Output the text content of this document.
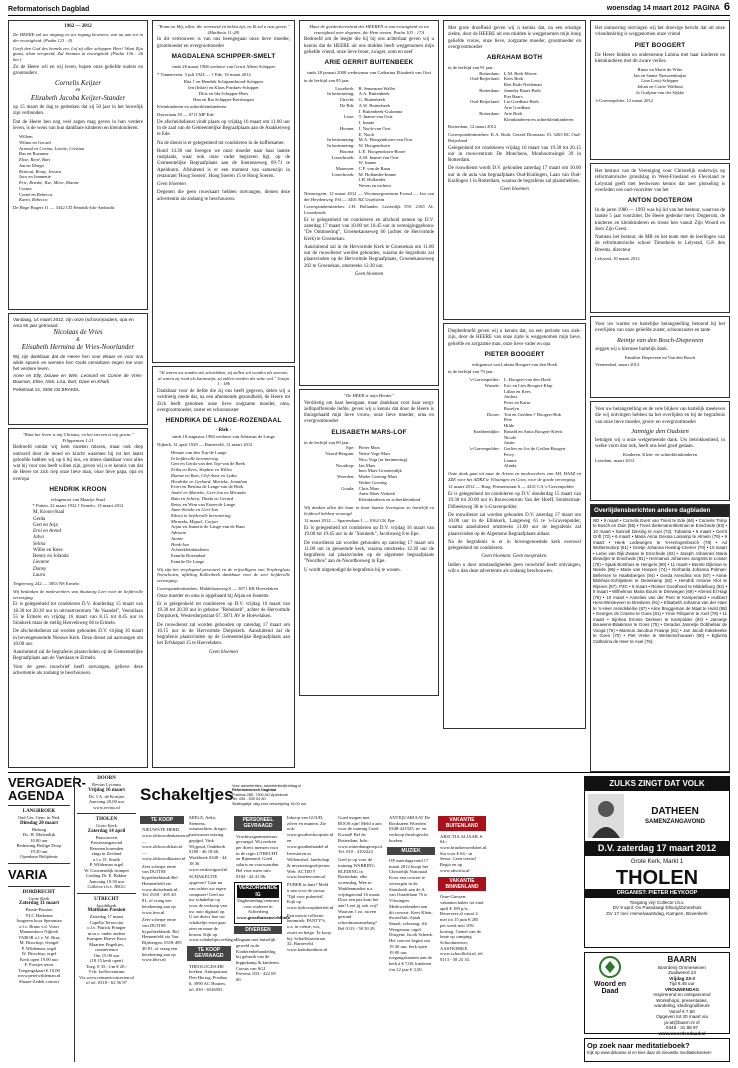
Reformatorisch Dagblad	woensdag 14 maart 2012 PAGINA 6
1962 — 2012
De HEERE zal uw uitgang en uw ingang bewaren, van nu aan tot in der eeuwigheid. (Psalm 121 : 8)
Geeft den God des hemels eer, Lof zij aller scheppen Heer! Want Zijn gunst, alom verspreid, Zal bestaan in eeuwigheid. (Psalm 136 : 26 ber.)
Zo de Heere wil en wij leven, hopen onze geliefde ouders en grootouders
Cornelis Keijzer
en
Elizabeth Jacoba Keijzer-Stander
op 15 maart de dag te gedenken dat zij 50 jaar in het huwelijk zijn verbonden.
Dat de Heere hen nog veel zegen mag geven in hun verdere leven, is de wens van hun dankbare kinderen en kleinkinderen.
Willem
Wilma en Gerard
Arnoud en Corina, Lisette, Cristian
Bas en Rozanne
Elise, René, Bart
Jan en Marga
Reinout, Romy, Jessica
Jaco en Jeannette
Eric, Renske, Ilse, Mirte, Rianne
Corina
Corné en Rebecca
Karin, Rebecca
De Hoge Bogert 11 — 3342 CD Hendrik-Ido-Ambacht
Vandaag, 14 maart 2012, zijn onze (schoon)ouders, opa en oma 50 jaar getrouwd.
Nicolaas de Vries
&
Elisabeth Hermina de Vries-Noorlander
Wij zijn dankbaar dat de Heere hen voor elkaar en voor ons wilde sparen en wensen hen Gods onmisbare zegen toe voor het verdere leven.
Anne en Elly, Douwe en Wim, Leonard en Corine de Vries-Bouman, Eline, Nick, Lisa, Bart, Dave en Khadi
Pelsstraat 14, 3306 CB BRAKEL
"Want het leven is mij Christus, en het sterven is mij gewin." Filippensen 1:21
Bedroefd omdat wij hem moeten missen, maar ook diep ontroerd door de moed en kracht waarmee hij tot het laatst geloofde hebben wij op 6 bij ons, en intens dankbaar voor alles wat hij voor ons heeft willen zijn, geven wij u er kennis van dat de Heere tot zich riep onze lieve man, onze lieve papa, opa en overopa
HENDRIK KROON
echtgenoot van Maartje Staal
* Putten, 22 maart 1922 † Ermelo, 13 maart 2012
M. Kroon-Staal
Gerda
Gert en Arja
Erni en Arend
Jalva
Selina
Willie en Kees
Benny en Jolanda
Lieanne
Danny
Laura
Teigterweg 242 — 3853 NS Ermelo
Wij bedanken de medewerkers van thuiszorg Leer voor de liefdevolle verzorging.
Er is gelegenheid tot condoleren D.V. donderdag 15 maart van 18.30 tot 20.30 uur in uitvaartcentrum "de Vaandel", Veerallaan 55 te Ermelo en vrijdag 16 maart van 8.15 tot 8.45 uur in Sionkerk maar de stellig Heuvelsweg 66 te Ermelo.
De afscheidsdienst zal worden gehouden D.V. vrijdag 16 maart in bovengenoemde Nieuwe Kerk. Deze dienst zal aanvangen om 10.00 uur.
Aansluitend zal de begrafenis plaatsvinden op de Gemeentelijke Begraafplaats aan de Vaenlaan te Ermelo.
Voor de geen rouwbrief heeft ontvangen, gelieve deze advertentie als zodanig te beschouwen.
"Komt tot Mij, allen, die vermoeid en belast zijt, en Ik zal u rust geven." (Mattheüs 11:28)
In dit vertrouwen is van ons heengegaan onze lieve moeder, grootmoeder en overgrootmoeder
MAGDALENA SCHIPPER-SMELT
sinds 28 maart 1966 weduwe van Gerrit Albert Schipper
* Vinnenveen, 3 juli 1924 — † Ede, 10 maart 2012
Rita † en Hendrik Schipaanbrood-Schipper
Ien (Inkie) en Klaas Prinkies-Schipper
Dick en Ida Schipper-Hees
Han en Ria Schipper-Kersbergen
Kleinkinderen en achterkleinkinderen
Dstreriaan 39 — 6711 MP Ede
De afscheidsdienst vindt plaats op vrijdag 16 maart om 11.00 uur in de zaal van de Gemeentelijke Begraafplaats aan de Asakkerweg te Ede.
Na de dienst is er gelegenheid tot condoleren in de koffiekamer.
Rond 14.30 uur brengen we onze moeder naar haar laatste rustplaats, waar ook onze vader begraven ligt, op de Gemeentelijke Begraafplaats aan de Soerenseweg 69-71 te Apeldoorn. Afsluitend is er een moment van samenzijn in restaurant 'Hoog Soeren', Hoog Soeren 15 te Hoog Soeren.
Geen bloemen
Degenen die geen rouwkaart hebben ontvangen, dienen deze advertentie als zodanig te beschouwen.
"Al waren uw zonden als scharlaken, zij zullen wit worden als sneeuw; al waren zij rood als karmozijn, zij zullen worden als witte wol." Jesaja 1 : 18b
Dankbaar voor de liefde die zij ons heeft gegeven, delen wij u verdrietig mede dat, na een afnemende gezondheid, de Heere tot Zich heeft genomen onze lieve zorgzame moeder, oma, overgrootmoeder, zuster en schoonzuster
HENDRIKA DE LANGE-ROZENDAAL
- Riek -
sinds 18 augustus 1984 weduwe van Adrianus de Lange
Nijkerk, 31 april 1929 — Barneveld, 12 maart 2012
Hennie van den Top-de Lange
In liefdevolle herinnering
Gert en Gerda van den Top-van de Beek
Erika en Kees, Stephen en Willeo
Rianne en Bart, Clef-Anne en Lydia
Hendrike en Gerhard, Marieke, Jonathan
Evert en Bertina de Lange-van de Beek
André en Marieke, Gert-Jan en Miranda
Bata en Schera, Thuda en Gerard
Betsy en Wim van Essen-de Lange
Anne-Sietske en Gert-Jan
Edwin in liefdevolle herinnering
Miranda, Miguel, Corjan
Arjan en Jeanette de Lange-van de Bunt
Adriaan
Jannie
Henk-Jan
Achterkleinkinderen
Familie Rozendaal
Familie De Lange
Wij zijn het verplegend personeel en de vrijwilligers van Verpleeghuis Norschoten, afdeling Kallenbeek dankbaar voor de zeer liefdevolle verzorging.
Correspondentieadres: Middelaarsweg 6 — 3871 KR Hoevelaken
Onze moeder en oma is opgebaard bij Arjan en Jeanette.
Er is gelegenheid tot condoleren op D.V. vrijdag 16 maart van 19.30 tot 20.30 uur in gebouw "Rehoboth", achter de Hervormde Dorpskerk, Westerdorpstraat 67, 3871 AV te Hoevelaken.
De rouwdienst zal worden gehouden op zaterdag 17 maart om 10.15 uur in de Hervormde Dorpskerk. Aansluitend zal de begrafenis plaatsvinden op de Gemeentelijke Begraafplaats aan het Erfskepad 15 te Hoevelaken.
Geen bloemen
Maar de goedertierenheid des HEEREN is van eeuwigheid en tot eeuwigheid over degenen, die Hem vrezen. Psalm 103 : 17A
Bedroefd om de leegte die hij bij ons achterlaat geven wij u kennis dat de HEERE uit ons midden heeft weggenomen mijn geliefde vriend, onze lieve broer, zwager, oom en neef
ARIE GERRIT BUITENBEEK
sinds 28 januari 2000 weduwnaar van Catharina Elizabeth van Oort
in de leeftijd van 85 jaar.
Lisselierk: R. Smurman-Wallet
In herinnering: A.A. Buitenbeek
Utrecht: G. Buitenbeek
De Bilt: A.W. Buitenbeek
J. Buitenbeek-Gulonma
Lisse: T. Iname-van Oort
J. Iname
Houten: J. Nooh-van Oort
E. Nooh
In herinnering: M.A. Hoogendoorn-van Oort
In herinnering: W. Hoogendoorn
Hoorna: L.E. Hoogendoorn-Boote
Lisserbroek: A.M. Iname-van Oort
W. Iname
Maarssen: C.F. van de Baan
Lisserbroek: M. Hollander-Iname
J.H. Hollander
Neven en nichten
Nieuwegein, 12 maart 2012 — Woonzorgcentrum Evoud — Jan van der Heydenweg 194 — 3401 RZ Usselstein
Correspondentieadres: J.H. Hollander, Lisserdijk 559, 2165 AL Lisserbroek
Er is gelegenheid tot condoleren en afscheid nemen op D.V. zaterdag 17 maart van 10.00 tot 10.45 uur in vereniginggebouw "De Ontmoeting", Groenekanseweg 66 (achter de Hervormde Kerk) te Groenekan.
Aansluitend zal in de Hervormde Kerk te Groenekan om 11.00 uur de rouwdienst worden gehouden, waarna de begrafenis zal plaatsvinden op de Hervormde Begraafplaats, Groenekanseweg 202 te Groenekan, omstreeks 12.30 uur.
Geen bloemen
"De HEER is mijn Herder"
Verdrietig om haar heengaan, maar dankbaar voor haar zorgv zelfopofferende liefde, geven wij u kennis dat door de Heere is thuisgehaald mijn lieve vrouw, onze lieve moeder, oma en overgrootmoeder
ELISABETH MARS-LOF
in de leeftijd van 80 jaar.
Epe: Pieter Mars
Noord-Bergum: Nettie Vogt-Mars
Nico Vogt (in herinnering)
Nootdorp: Jan Mars
Ineo Mars-Groenendijk
Woerden: Mieke Goeting-Mars
Walter Goeting
Gouda: Chris Mars
Anne Mars-Verkerk
Kleinkinderen en achterkleinkind
Wij danken allen die haar in haar laatste levensjaar zo hartelijk en liefdevol hebben verzorgd.
12 maart 2012 — Sparrenlaan 1 — 8162 CK Epe
Er is gelegenheid tot condoleren op D.V. vrijdag 16 maart van 19.00 tot 19.45 uur in de "Sionkerk", Jacobsweg 8 te Epe.
De rouwdienst zal worden gehouden op zaterdag 17 maart om 11.00 uur in genoemde kerk, waarna omstreeks 12.30 uur de begrafenis zal plaatsvinden op de algemene begraafplaats "Noorlbos" aan de Noordbosweg in Epe.
U wordt uitgenodigd de begrafenis bij te wonen.
Met grote droefheid geven wij u kennis dat, na een ernstige ziekte, door de HEERE uit ons midden is weggenomen mijn innig geliefde vrouw, onze lieve, zorgzame moeder, grootmoeder en overgrootmoeder
ABRAHAM BOTH
in de leeftijd van 91 jaar.
Rotterdam: L.M. Both-Moree
Oud-Beijerland: Kees Both
Riet Both-Neeleman
Rotterdam: Janneke Baars-Both
Piet Baars
Oud-Beijerland: Lia Goedhart-Both
Arie Goedhart
Rotterdam: Arie Both
Kleinkinderen en achterkleinkinderen
Rotterdam, 12 maart 2012
Correspondentieadres: K.A. Both, Gerard Doustraat 10, 3263 RC Oud-Beijerland
Gelegenheid tot condoleren vrijdag 16 maart van 19.30 tot 20.15 uur in rouwcentrum De Monchens, Monhoornsingel 39 in Rotterdam.
De rouwdienst wordt D.V. gehouden zaterdag 17 maart om 10.00 uur in de aula van begraafplaats Oud-Kralingen, Laan van Oud-Kralingen 1 in Rotterdam, waarna de begrafenis zal plaatshebben.
Geen bloemen
Diepbedroefd geven wij u kennis dat, na een periode van ziek-zijn, door de HEERE van onze zijde is weggenomen mijn lieve, geliefde en zorgzame man, onze lieve vader en opa
PIETER BOOGERT
echtgenoot van Lubina Boogert-van den Hoek
in de leeftijd van 79 jaar.
's-Gravenpolder: L. Boogert-van den Hoek
Waarde: Eric en Lies Boogert-Klap
Lillan en Kees
Andrea
Peter en Karin
Roselyn
Doorn: Ton en Gerdien † Boogert-Bok
Pete
Hilde
Krabbendijke: Ronald en Anita Boogert-Kievit
Nicole
Justin
's-Gravenpolder: Gerlies en Jos de Goffau-Boogert
Percy
Lianne
Alinda
Onze dank gaat uit naar de Artsen en medewerkers van AH, HAAZ en ZZE voor het ADRZ te Vlissingen en Goes, voor de goede verzorging.
12 maart 2012 — Burg. Prinsenstraat 6 — 4431 CA 's-Gravenpolder
Er is gelegenheid tot condoleren op D.V. donderdag 15 maart van 19.30 tot 20.00 uur in Rouwcentrum Van der Hoeff, Smidsstraat-Dilbeekweg 38 te 's-Gravenpolder.
De rouwdienst zal worden gehouden D.V. zaterdag 17 maart om 10.00 uur in de Ellinkerk, Langeweg 61 te 's-Gravenpolder, waarna aansluitend omstreeks 11.00 uur de begrafenis zal plaatsvinden op de Algemene Begraafplaats aldaar.
Na de begrafenis is er in bovengenoemde kerk evenwel gelegenheid tot condoleren.
Geen bloemen. Geen toespraken.
Indien u door omstandigheden geen rouwbrief heeft ontvangen, wilt u dan deze advertentie als zodanig beschouwen.
Het ontnoering ontvingen wij het droevige bericht dat uit onze vriendenkring is weggenomen onze vriend
PIET BOOGERT
De Heere bidden en ondersteune Lubina met haar kinderen en kleinkinderen met dit zware verlies.
Rinus en Marie de Witte
Jan en Sanne Nieuwenhuijze
Lina Looij-Schipper
Johan en Corrie Walhout
Jo Guiljam-van der Sijkke
's-Gravenpolder, 12 maart 2012
Het bestuur van de Vereniging voor Christelijk onderwijs op reformatorische grondslag in West-Friesland en Flevoland te Lelystad geeft met leedwezen kennis dat zeer plotseling is overleden ons oud-voorzitter van het
ANTON DOGTEROM
In de jaren 1980 — 1993 was hij lid van het bestuur, waarvan de laatste 5 jaar voorzitter. De Heere gedenke mevr. Dogterom, de kinderen en kleinkinderen en troste hen vanuit Zijn Woord en door Zijn Geest.
Namens het bestuur, de MR en het team met de leerlingen van de reformatorische school Timotheüs te Lelystad, G.P. den Breems, directeur
Lelystad, 10 maart 2012
Voor uw warme en hartelijke belangstelling betoond bij het overlijden van onze geliefde zuster, schoonzuster en tante
Reintje van den Bosch-Diepeveen
zeggen wij u hiermee hartelijk dank.
Families Diepeveen en Van den Bosch
Veenendaal, maart 2012
Voor uw belangstelling en de vele blijken van hartelijk meeleven die wij ontvingen hebben na het overlijden en bij de begrafenis van onze lieve moeder, groot- en overgrootmoeder
Jannigje den Oudsten
betuigen wij u onze welgemeende dank. Uw betrokkenheid, in welke vorm dan ook, heeft ons heel goed gedaan.
Kinderen, Klein- en achterkleinkinderen
Leerdam, maart 2012
Overlijdensberichten andere dagbladen
ND • 9 maart • Cornelis Evert van Triest te Ede (66) • Cornelis Trimp te Bosch en Duin (86) • Trees Zielemans-Bletman te Enschede (83) • 10 maart • Sannoll Dinsing te Axel (73). Tubantia • 9 maart • Gerrit Grift (72) • 6 maart • Maria Anna Gesina Laniamp te Almelo (79) • 9 maart • Henk Lodewegen te 's-Hertogenbosch (78) • Ad Wolterendorp (61) • Grietje Johanna Hoeting-Cremer (70) • 10 maart • Lenie van Dijk-Zwaan te Enschede (82) • Joseph Johannes Maria Brandjes te Enschede (81) • Hermanus Johannes Jongstra te Losser (78) • Sjaak Bonthuis te Hengelo (80) • 11 maart • Bernte Dijkman te Neede (86) • Marie van Hoepen (74) • Gerharda Johanna Polman-Bellersen te Haaksbergen (84) • Gerda Arendina Vos (87) • Annie Blokhuis-Schlipsteet te Denekamp (82) • Hendrik Antonie Klot te Rijssen (87). PZC • 9 maart • Reinier Goedhoed te Middelburg (82) • 9 maart • Wilhelmus Maria Bours te Driewegen (69) • Ahmed El Hagi (78) • 10 maart • Annelies van der Peet te Kamperland • Hubbert Hera-Westeveen te Breskens (91) • Elisabeth Johanna van der Hare te 's-Heer Arendskerke (87) • Alice Bruggeman de Maat te Hulst (88) • Georges de Craene te Goes (81) • Ymie Filiopenn te Axel (78) • 11 maart • Sijnhea Emmie Derksen te Kampolder (84) • Jannetje Bouwens-Blaakman te Goes (75) • Geradus Jannetje Dobbelaar de Voogd (76) • Marinus Jacobus Fraanje (81) • Jan Jacob Kakebeeke te Goes (70) • Piet Vreke te Westenschouwen (90) • Egberta Catharina de Heer te Axel (76).
VERGADER-
AGENDA
LANGBROEK
Oud Ger. Gem. in Ned.
Dinsdag 20 maart
Bidstag
Ds. H. Molendijk
10.00 uur
Bediening Heilige Doop
19.30 uur
Openbare Belijdenis
VARIA
DORDRECHT
Grote Kerk
Zaterdag 31 maart
Passie-Passion
YLC Harkema
Jongeren koor Sperantza
o.l.v. Rinus v.d. Voort
Mannenkoor Nijkerk
TABOR o.l.v. W. Bras
M. Bisschop, vleugel
P. Wildeman, orgel
W. Bisschop, orgel
Kerk open 19.00 uur
F. Poesjes tenor
Toegangskaart € 10,00
www.peterwildeman.nl
Shaare-Zedek concert
DOORN
Revius Lyceum
Vrijdag 16 maart
Ds. J.A. de Kruijter
Aanvang 20.00 uur
www.revius.nl
THOLEN
Grote Kerk
Zaterdag 14 april
Paasconcert
Passiezangavond
Betonen horenden
zingt in Zeeland
o.l.v. D. Strulk
P. Wildeman orgel
W. Groenendijk trompet
Leiding Dr. E. Bakker
Aanvang 19.30 uur
Collecte t.b.v. JBGG
UTRECHT
Jacobikerk
Matthäus Passion
Zaterdag 17 maart
Capella Terracotta
o.l.v. Patrick Pranger
m.m.v. onder andere
Kampen Hoeve Koor
Maarten Engeltjes,
countertenor
Om 15.00 uur
(18.15 kerk open)
Toeg. € 35,- t/m € 20,-
Vvk: koffiecentrum
Via www.reinaertconcerten.nl
of tel. 0318 - 62 56 87
Schakeltjes
Voor advertenties: advertentie@refdag.nl
Reformatorisch Dagblad
Postbus 285, 7300 AG Apeldoorn
Tel. 055 - 539 03 80
Sluitingstijd: dag vóór verschijning 16.00 uur
TE KOOP
NIEUWSTE HERD. www.oldwoodenkasten.nl — www.oldwoodchair.nl — www.oldwoodkasten.nl
Zeer scherpe rente van DUITSE hypotheekbank Bel Hennenfield zie www.duitsebank.nl. Tel. 0318 - 495 40 81, of vraag een berekening aan op www.hvn.nl
Zeer scherpe rente van DUITSE hypotheekbank. Bel Hennenfeld via Van Rijsbergen, 0318-495 40 81, of vraag een berekening aan op www.bhvr.nl
MIELE, Aeko, Siemens, wasmachine, droger, vaatwasser mixing gepijpd. Vink Wijgoud, Oudekerk 0180 - 46 18 66, Werkhoek 0348 - 44 18 36 www.vinkwitgoed.nl
SCHAKELTJE opgeven? Gaat nu van achter uw eigen computer! Geef nu uw schakeltje op voor de verkoop van uw auto digitaal op. U zet direct hoe uw schakeltje eruit gaat zien en maar de kosten. Kijk op www.schakeltjes.refdag.nl
TE KOOP GEVRAAGD
THEOLOGISCHE boeken. Antiquariaat Den Hertog, Postbus 6, 3990 AC Houten, tel. 030 - 6546581.
PERSONEEL GEVRAAGD
Vrachtwagenmonteurs gevraagd. Wij zoeken per direct mensen voor in de regio UTRECHT en Rijnmond. Goed salaris en voorwaarden. Bel voor meer info 0184 - 44 41 86.
VERZORGENDE IG
Dagbesteding/centrum voor ouderen in Achterberg
www.groothuisonsveld.info
DIVERSEN
Ongaan met huiselijk geweld in de Kinderenbehandeling bij gebruik van de hippokamp & kinderen. Cursus van SGJ Prevent, 033 - 422 69 00.
Inkoop van GOUD, zilver en munten. Zie ook: www.goudverkoopsite.nl en www.goudenhandel.nl
Investeren in Willemshof, landschap & investeringsobjecten. Web: ACTIE!!! www.lonenwoontt.nl
PUBER in huis? Meld u aan voor de cursus 'Tijd voor puberteit', Kijk op www.tijdvoorpuberteit.nl
Een mooie collectie keramiek: PANTY'S, o.a. in crème, wit, zwart en beige. Te koop bij: Schaffelaarstraat 32, Barneveld. www.kadobonthuis.nl
Goed mogen met BOOS zijn! Meld u aan voor de training Goed Kwaad! Bel de Rotterdam. Info: www.rotterdamgroep.nl. Tel. 010 - 4102222
Geef je op voor de training WARRING BLEDING in Rotterdam, elke woensdag. Mee in Waddenmarket n.a. vrijdagavond 16 maart. Door een pas kom het aan! Leef jij ook vrij? Waarom 't zo, na een gezond schoolmassamelang? Bel 0113 - 58 39 29.
ANTIQUARIAAT De Rooksteen Woerden 0348-421925, in- en verkoop theologische boeken.
MUZIEK
OP zaterdagavond 17 maart 2012 hoopt het Christelijk Nationaal Koor een concert te verzorgen in de Sionskerk aan de A. van Ostadelaan 76 te Vlissingen. Medewerkenden aan dit concert: Kees Klein, dwarsfluit; Sjaak Smaal, solozang; Ab Weegenaar, orgel. Dirigent: Jacob Schenk. Het concert begint om 19.30 uur, kerk open 19.00 uur, toegangskaarten aan de kerk à € 7,00, kinderen t/m 12 jaar € 3,50.
VAKANTIE BUITENLAND
ABSCTIA 44 JAAR, € 64,- www.bruidsenwedsbet.nl. Sta voor € 64,- in Sessa. Geen toerist! Regio en op www.abscitia.nl
VAKANTIE BINNENLAND
Ome-Giessen: vakantiechalets tot eind april € 189 p/w. Reserveer al vanaf 4 mei tot 15 juni € 285 per week met 10% korting. Geniet van de lente op camping Schoolmeester, AASTKERKE. www.schoollicht.nl, tel. 0113 - 58 23 33.
ZULKS ZINGT DAT VOLK
DATHEEN
SAMENZANGAVOND
D.V. zaterdag 17 maart 2012
Grote Kerk, Markt 1
THOLEN
ORGANIST: PIETER HEYKOOP
Toegang vrij! Collecte t.b.v.
DV 9 april: Ov Paasdaagi Elburg/Zonnehuis
DV 17 mei: Hemelvaartsdag, Kampen, Bovenkerk
Woord en Daad
BAARN
Boordenij Ommeseinen
Zuidweerd 23
Vrijdag 23-3
Tijd 8.45 uur
VROUWENDAG
Inspirerend en ontspannend
Workshops, presentaties,
wandeling, kledingruilbeurs
Vanaf € 7,50
Opgeven tot 20 maart via
ja-at@baarn.nl of
0348 - 31 88 97
www.woordendaad.nl
Op zoek naar meditatieboek?
Kijk op www.dekanse.nl en kies daar de nieuwste meditatieboeken!
